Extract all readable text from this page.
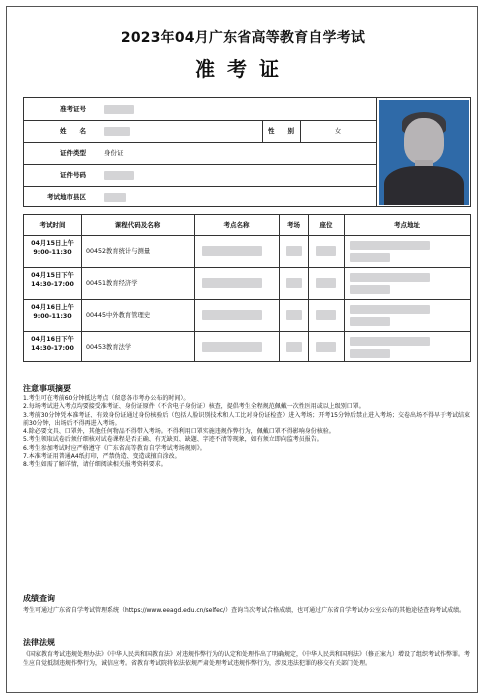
2023年04月广东省高等教育自学考试
准考证
准考证号
姓　　名	性　　别	女
证件类型	身份证
证件号码
考试地市县区
考试时间	课程代码及名称	考点名称	考场	座位	考点地址
04月15日上午
9:00-11:30	00452教育统计与测量
04月15日下午
14:30-17:00	00451教育经济学
04月16日上午
9:00-11:30	00445中外教育管理史
04月16日下午
14:30-17:00	00453教育法学
注意事项摘要
1.考生可在考前60分钟抵达考点（留意各市考办公布的时间）。
2.每场考试进入考点均要接受准考证、身份证原件（不含电子身份证）核查，提倡考生全程规范佩戴一次性医用或以上级别口罩。
3.考前30分钟凭本准考证、有效身份证通过身份核验后（包括人脸识别技术和人工比对身份证检查）进入考场；开考15分钟后禁止进入考场；交卷出场不得早于考试结束前30分钟，出场后不得再进入考场。
4.除必要文具、口罩外，其他任何物品不得带入考场。不得利用口罩实施违规作弊行为，佩戴口罩不得影响身份核验。
5.考生领取试卷后须仔细核对试卷课程是否正确、有无缺页、缺题、字迹不清等现象，如有须立即向监考员报告。
6.考生参加考试时应严格遵守《广东省高等教育自学考试考场规则》。
7.本准考证用普通A4纸打印，严禁伪造、变造或擅自涂改。
8.考生如需了解详情，请仔细阅读相关报考资料要求。
成绩查询
考生可通过广东省自学考试管理系统（https://www.eeagd.edu.cn/selfec/）查询当次考试合格成绩，也可通过广东省自学考试办公室公布的其他途径查询考试成绩。
法律法规
《国家教育考试违规处理办法》《中华人民共和国教育法》对违规作弊行为的认定和处理作出了明确规定，《中华人民共和国刑法》（修正案九）增设了组织考试作弊罪。考生应自觉抵制违规作弊行为，诚信应考。省教育考试院将依法依规严肃处理考试违规作弊行为，涉及违法犯罪的移交有关部门处理。
